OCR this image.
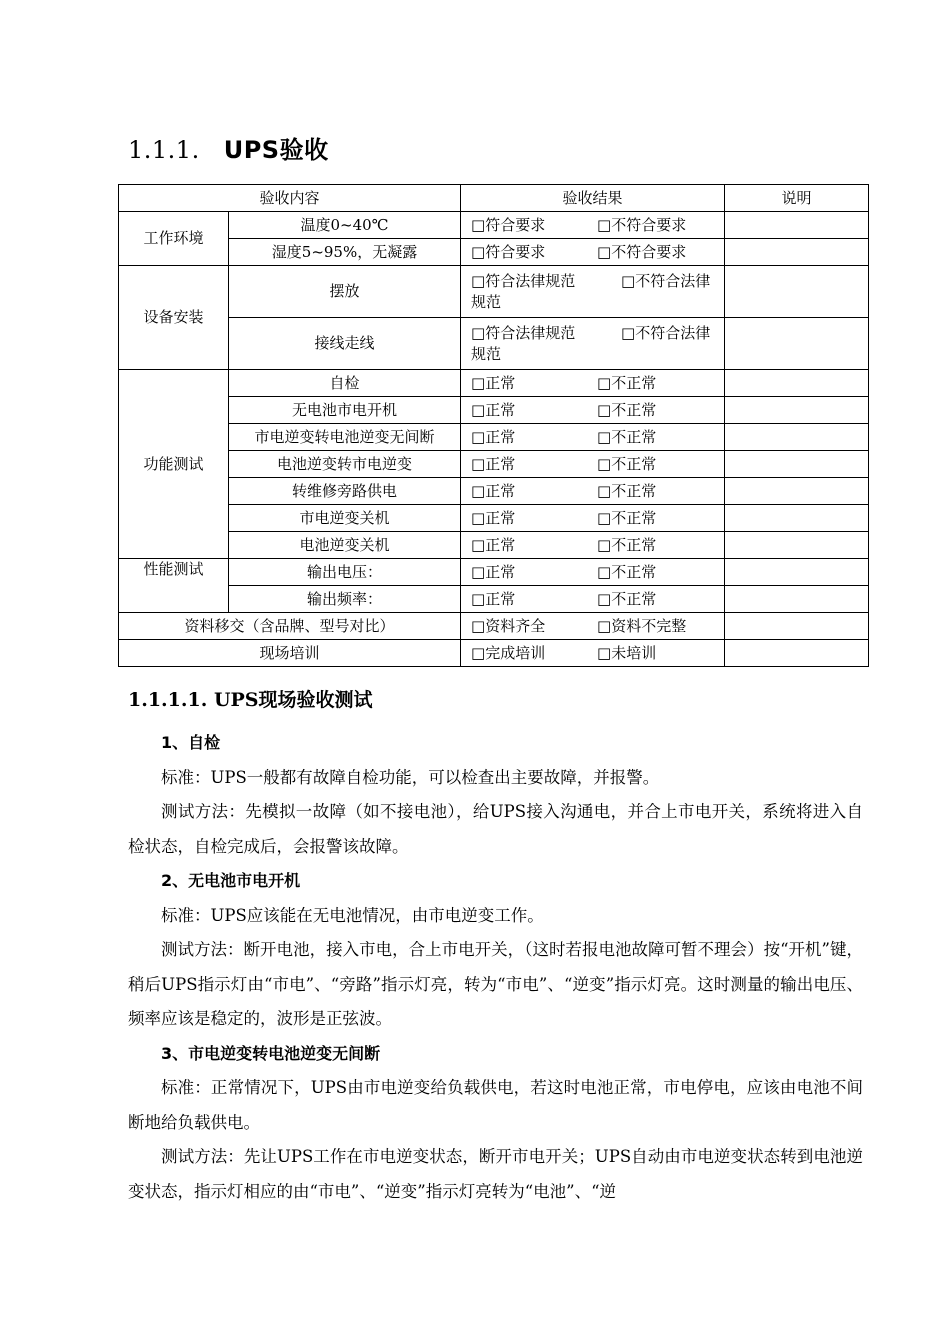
1.1.1. UPS验收
验收内容		验收结果	说明
工作环境	温度0~40℃	□符合要求 □不符合要求	
	湿度5~95%，无凝露	□符合要求 □不符合要求	
设备安装	摆放	□符合法律规范 □不符合法律规范	
	接线走线	□符合法律规范 □不符合法律规范	
功能测试	自检	□正常 □不正常	
	无电池市电开机	□正常 □不正常	
	市电逆变转电池逆变无间断	□正常 □不正常	
	电池逆变转市电逆变	□正常 □不正常	
	转维修旁路供电	□正常 □不正常	
	市电逆变关机	□正常 □不正常	
	电池逆变关机	□正常 □不正常	
性能测试	输出电压：	□正常 □不正常	
	输出频率：	□正常 □不正常	
资料移交（含品牌、型号对比）		□资料齐全 □资料不完整	
现场培训		□完成培训 □未培训	
1.1.1.1. UPS现场验收测试

1、自检

标准：UPS一般都有故障自检功能，可以检查出主要故障，并报警。

测试方法：先模拟一故障（如不接电池），给UPS接入沟通电，并合上市电开关，系统将进入自检状态，自检完成后，会报警该故障。

2、无电池市电开机

标准：UPS应该能在无电池情况，由市电逆变工作。

测试方法：断开电池，接入市电，合上市电开关，（这时若报电池故障可暂不理会）按“开机”键，稍后UPS指示灯由“市电”、“旁路”指示灯亮，转为“市电”、“逆变”指示灯亮。这时测量的输出电压、频率应该是稳定的，波形是正弦波。

3、市电逆变转电池逆变无间断

标准：正常情况下，UPS由市电逆变给负载供电，若这时电池正常，市电停电，应该由电池不间断地给负载供电。

测试方法：先让UPS工作在市电逆变状态，断开市电开关；UPS自动由市电逆变状态转到电池逆变状态，指示灯相应的由“市电”、“逆变”指示灯亮转为“电池”、“逆
